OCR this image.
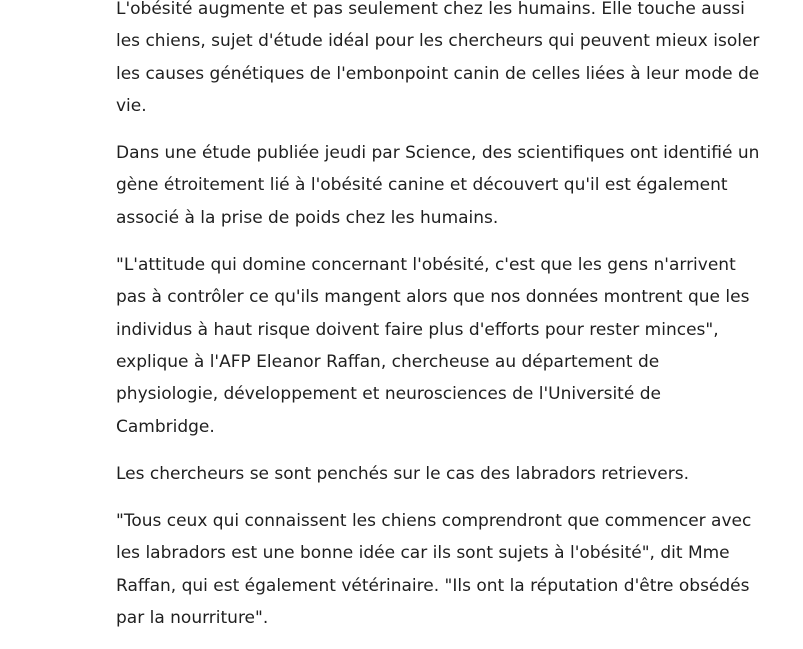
L'obésité augmente et pas seulement chez les humains. Elle touche aussi les chiens, sujet d'étude idéal pour les chercheurs qui peuvent mieux isoler les causes génétiques de l'embonpoint canin de celles liées à leur mode de vie.

Dans une étude publiée jeudi par Science, des scientifiques ont identifié un gène étroitement lié à l'obésité canine et découvert qu'il est également associé à la prise de poids chez les humains.

"L'attitude qui domine concernant l'obésité, c'est que les gens n'arrivent pas à contrôler ce qu'ils mangent alors que nos données montrent que les individus à haut risque doivent faire plus d'efforts pour rester minces", explique à l'AFP Eleanor Raffan, chercheuse au département de physiologie, développement et neurosciences de l'Université de Cambridge.

Les chercheurs se sont penchés sur le cas des labradors retrievers.

"Tous ceux qui connaissent les chiens comprendront que commencer avec les labradors est une bonne idée car ils sont sujets à l'obésité", dit Mme Raffan, qui est également vétérinaire. "Ils ont la réputation d'être obsédés par la nourriture".
